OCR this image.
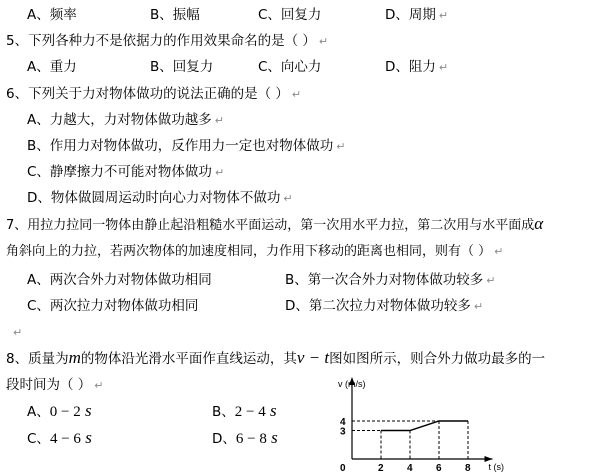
A、频率	B、振幅	C、回复力	D、周期 ↵
5、下列各种力不是依据力的作用效果命名的是（ ） ↵
A、重力	B、回复力	C、向心力	D、阻力 ↵
6、下列关于力对物体做功的说法正确的是（ ） ↵
A、力越大，力对物体做功越多 ↵
B、作用力对物体做功，反作用力一定也对物体做功 ↵
C、静摩擦力不可能对物体做功 ↵
D、物体做圆周运动时向心力对物体不做功 ↵
7、用拉力拉同一物体由静止起沿粗糙水平面运动，第一次用水平力拉，第二次用与水平面成α
角斜向上的力拉，若两次物体的加速度相同，力作用下移动的距离也相同，则有（ ） ↵
A、两次合外力对物体做功相同	B、第一次合外力对物体做功较多 ↵
C、两次拉力对物体做功相同	D、第二次拉力对物体做功较多 ↵
↵
8、质量为m的物体沿光滑水平面作直线运动，其v − t图如图所示，则合外力做功最多的一
段时间为（ ） ↵
A、0 − 2 s	B、2 − 4 s
C、4 − 6 s	D、6 − 8 s
v (m/s)
t (s)
0	2 4 6 8
3
4
